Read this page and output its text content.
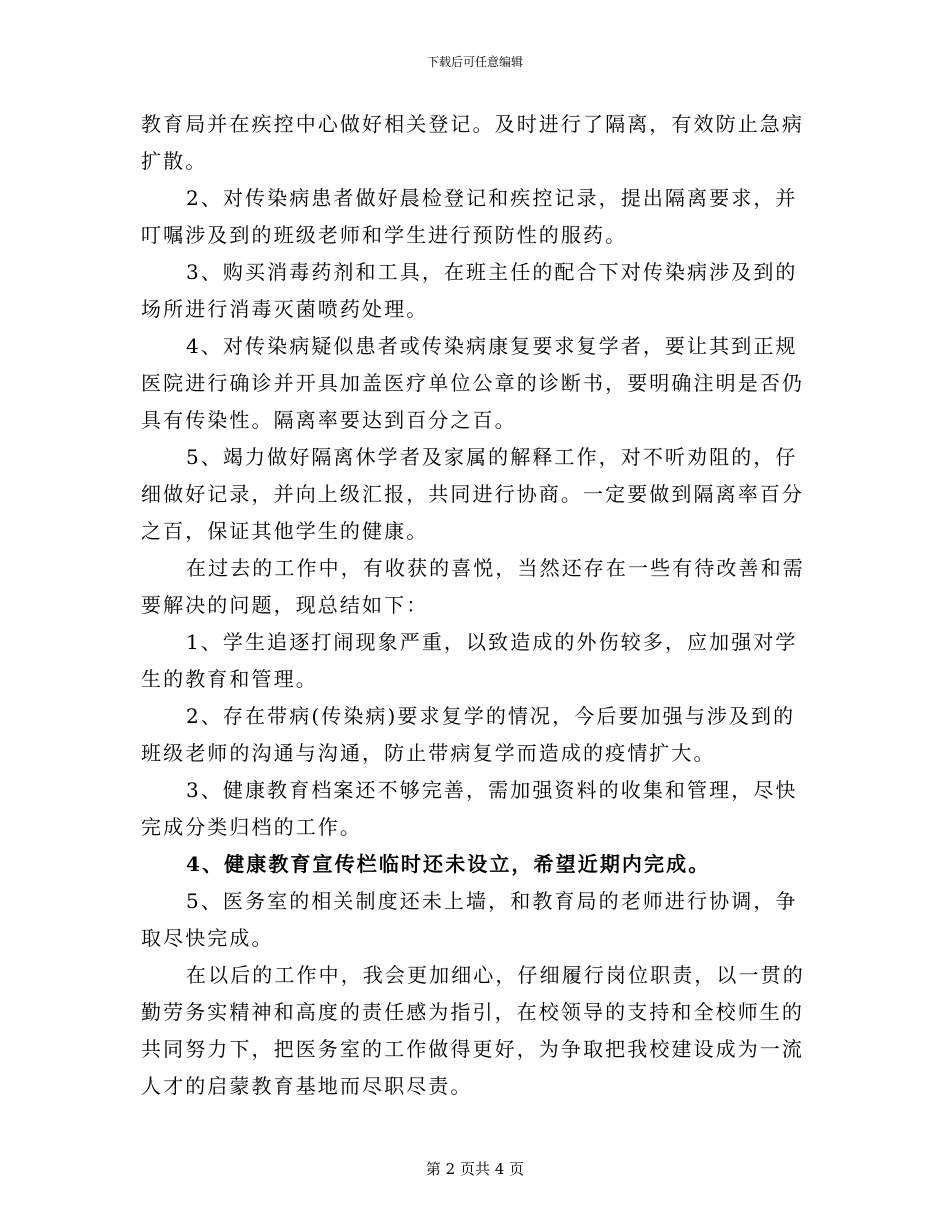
下载后可任意编辑

教育局并在疾控中心做好相关登记。及时进行了隔离，有效防止急病扩散。

2、对传染病患者做好晨检登记和疾控记录，提出隔离要求，并叮嘱涉及到的班级老师和学生进行预防性的服药。

3、购买消毒药剂和工具，在班主任的配合下对传染病涉及到的场所进行消毒灭菌喷药处理。

4、对传染病疑似患者或传染病康复要求复学者，要让其到正规医院进行确诊并开具加盖医疗单位公章的诊断书，要明确注明是否仍具有传染性。隔离率要达到百分之百。

5、竭力做好隔离休学者及家属的解释工作，对不听劝阻的，仔细做好记录，并向上级汇报，共同进行协商。一定要做到隔离率百分之百，保证其他学生的健康。

在过去的工作中，有收获的喜悦，当然还存在一些有待改善和需要解决的问题，现总结如下：

1、学生追逐打闹现象严重，以致造成的外伤较多，应加强对学生的教育和管理。

2、存在带病(传染病)要求复学的情况，今后要加强与涉及到的班级老师的沟通与沟通，防止带病复学而造成的疫情扩大。

3、健康教育档案还不够完善，需加强资料的收集和管理，尽快完成分类归档的工作。

4、健康教育宣传栏临时还未设立，希望近期内完成。

5、医务室的相关制度还未上墙，和教育局的老师进行协调，争取尽快完成。

在以后的工作中，我会更加细心，仔细履行岗位职责，以一贯的勤劳务实精神和高度的责任感为指引，在校领导的支持和全校师生的共同努力下，把医务室的工作做得更好，为争取把我校建设成为一流人才的启蒙教育基地而尽职尽责。

第 2 页共 4 页
